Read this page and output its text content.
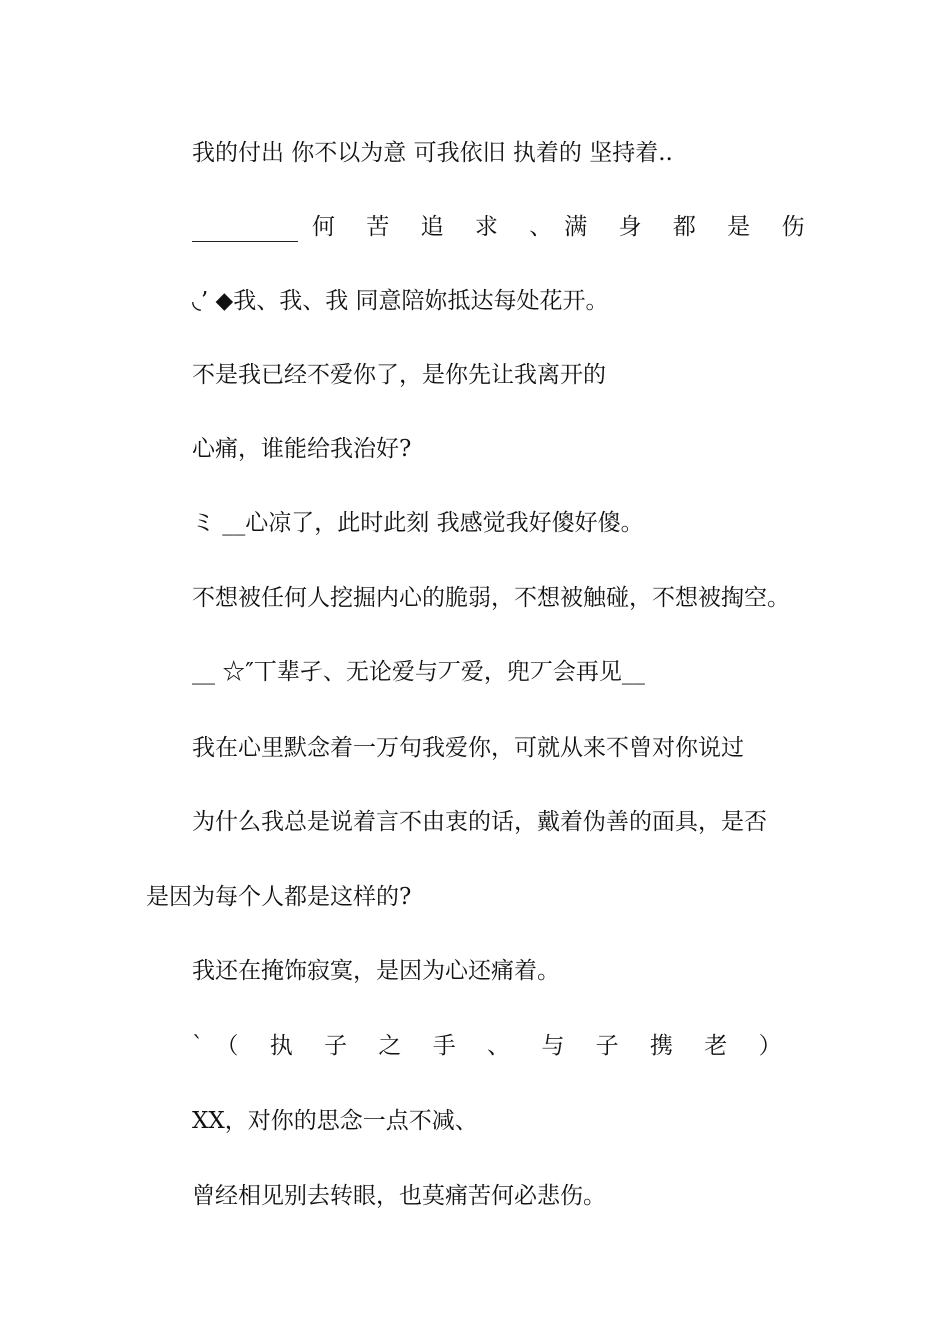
我的付出 你不以为意 可我依旧 执着的 坚持着..
何 苦 追 求 、满 身 都 是 伤
◟’ ◆我、我、我 同意陪妳抵达每处花开。
不是我已经不爱你了，是你先让我离开的
心痛，谁能给我治好?
ミ __心凉了，此时此刻 我感觉我好傻好傻。
不想被任何人挖掘内心的脆弱，不想被触碰，不想被掏空。
__ ☆″丅辈孑、无论爱与丆爱，兜丆会再见__
我在心里默念着一万句我爱你，可就从来不曾对你说过
为什么我总是说着言不由衷的话，戴着伪善的面具，是否
是因为每个人都是这样的?
我还在掩饰寂寞，是因为心还痛着。
`（ 执 子 之 手 、 与 子 携 老 ）
XX，对你的思念一点不减、
曾经相见别去转眼，也莫痛苦何必悲伤。
